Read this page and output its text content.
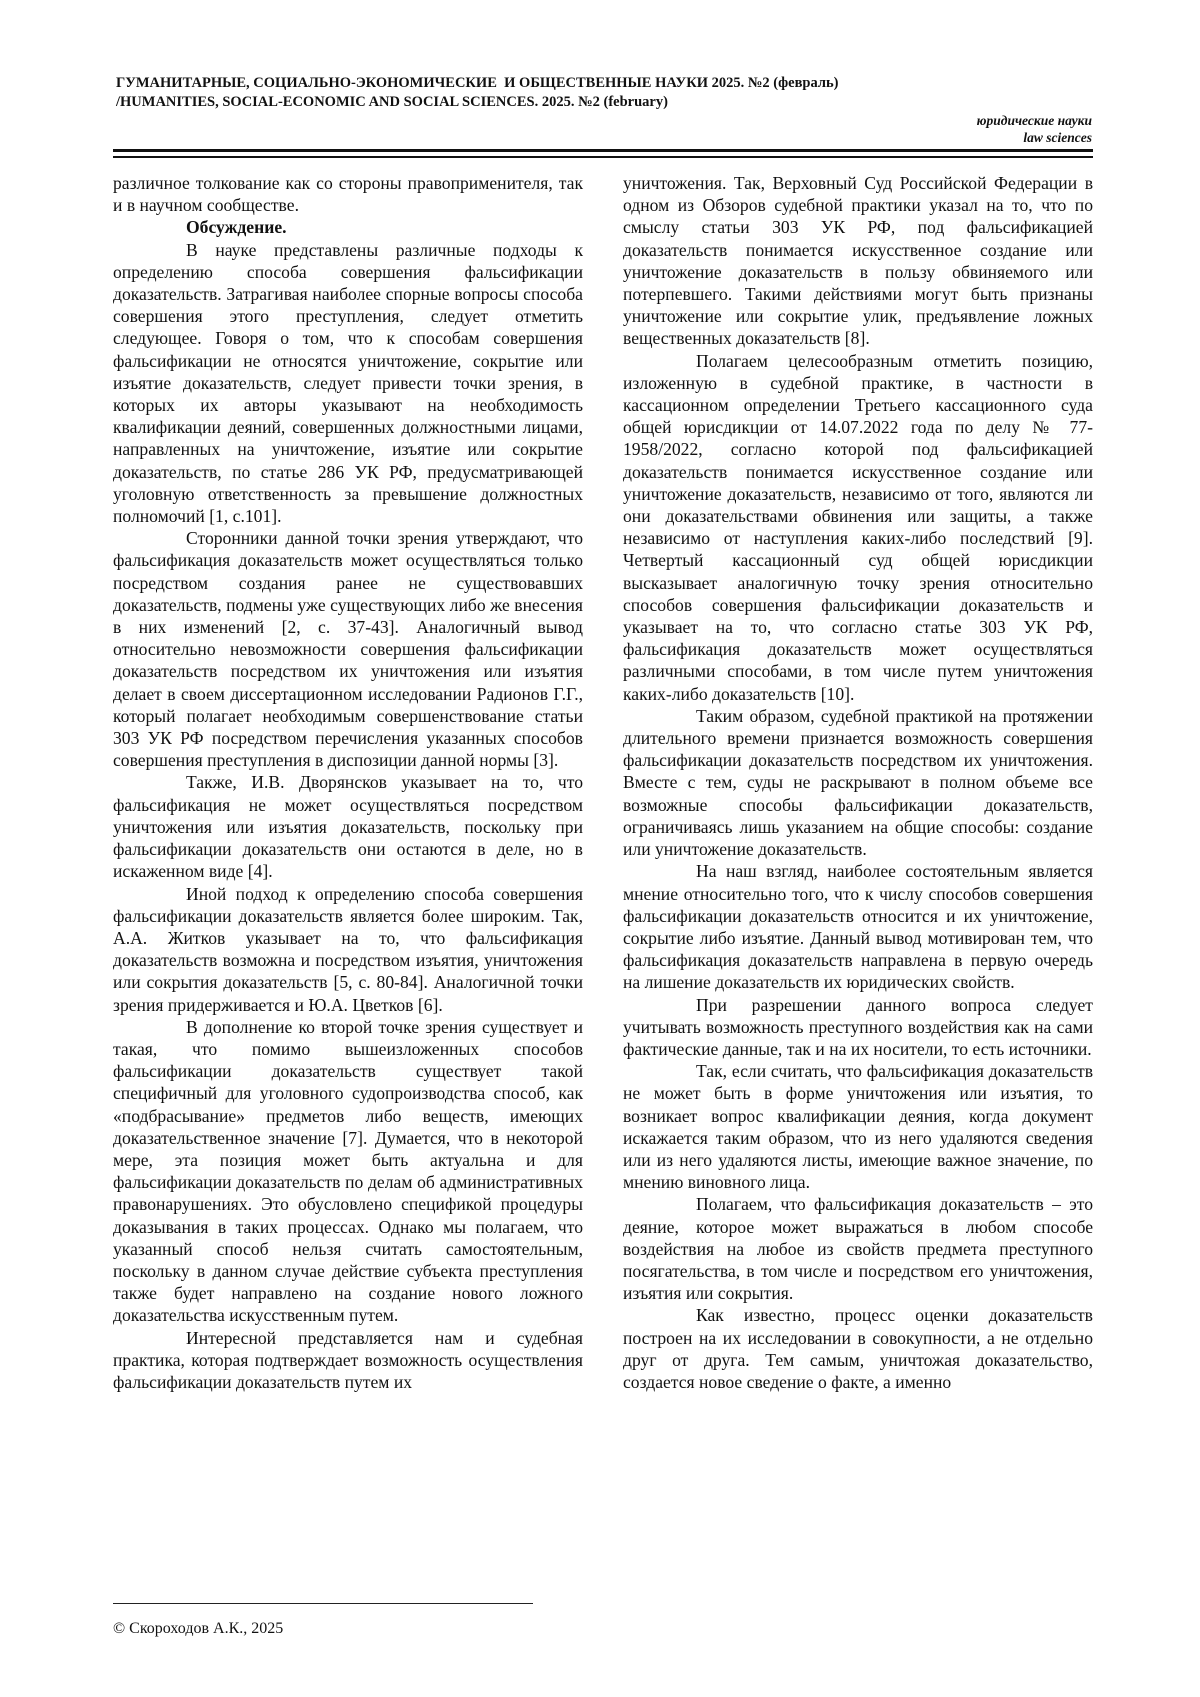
ГУМАНИТАРНЫЕ, СОЦИАЛЬНО-ЭКОНОМИЧЕСКИЕ  И ОБЩЕСТВЕННЫЕ НАУКИ 2025. №2 (февраль)
/HUMANITIES, SOCIAL-ECONOMIC AND SOCIAL SCIENCES. 2025. №2 (february)
юридические науки
law sciences

различное толкование как со стороны правоприменителя, так и в научном сообществе.

Обсуждение.

В науке представлены различные подходы к определению способа совершения фальсификации доказательств. Затрагивая наиболее спорные вопросы способа совершения этого преступления, следует отметить следующее. Говоря о том, что к способам совершения фальсификации не относятся уничтожение, сокрытие или изъятие доказательств, следует привести точки зрения, в которых их авторы указывают на необходимость квалификации деяний, совершенных должностными лицами, направленных на уничтожение, изъятие или сокрытие доказательств, по статье 286 УК РФ, предусматривающей уголовную ответственность за превышение должностных полномочий [1, с.101].

Сторонники данной точки зрения утверждают, что фальсификация доказательств может осуществляться только посредством создания ранее не существовавших доказательств, подмены уже существующих либо же внесения в них изменений [2, с. 37-43]. Аналогичный вывод относительно невозможности совершения фальсификации доказательств посредством их уничтожения или изъятия делает в своем диссертационном исследовании Радионов Г.Г., который полагает необходимым совершенствование статьи 303 УК РФ посредством перечисления указанных способов совершения преступления в диспозиции данной нормы [3].

Также, И.В. Дворянсков указывает на то, что фальсификация не может осуществляться посредством уничтожения или изъятия доказательств, поскольку при фальсификации доказательств они остаются в деле, но в искаженном виде [4].

Иной подход к определению способа совершения фальсификации доказательств является более широким. Так, А.А. Житков указывает на то, что фальсификация доказательств возможна и посредством изъятия, уничтожения или сокрытия доказательств [5, с. 80-84]. Аналогичной точки зрения придерживается и Ю.А. Цветков [6].

В дополнение ко второй точке зрения существует и такая, что помимо вышеизложенных способов фальсификации доказательств существует такой специфичный для уголовного судопроизводства способ, как «подбрасывание» предметов либо веществ, имеющих доказательственное значение [7]. Думается, что в некоторой мере, эта позиция может быть актуальна и для фальсификации доказательств по делам об административных правонарушениях. Это обусловлено спецификой процедуры доказывания в таких процессах. Однако мы полагаем, что указанный способ нельзя считать самостоятельным, поскольку в данном случае действие субъекта преступления также будет направлено на создание нового ложного доказательства искусственным путем.

Интересной представляется нам и судебная практика, которая подтверждает возможность осуществления фальсификации доказательств путем их

уничтожения. Так, Верховный Суд Российской Федерации в одном из Обзоров судебной практики указал на то, что по смыслу статьи 303 УК РФ, под фальсификацией доказательств понимается искусственное создание или уничтожение доказательств в пользу обвиняемого или потерпевшего. Такими действиями могут быть признаны уничтожение или сокрытие улик, предъявление ложных вещественных доказательств [8].

Полагаем целесообразным отметить позицию, изложенную в судебной практике, в частности в кассационном определении Третьего кассационного суда общей юрисдикции от 14.07.2022 года по делу № 77-1958/2022, согласно которой под фальсификацией доказательств понимается искусственное создание или уничтожение доказательств, независимо от того, являются ли они доказательствами обвинения или защиты, а также независимо от наступления каких-либо последствий [9]. Четвертый кассационный суд общей юрисдикции высказывает аналогичную точку зрения относительно способов совершения фальсификации доказательств и указывает на то, что согласно статье 303 УК РФ, фальсификация доказательств может осуществляться различными способами, в том числе путем уничтожения каких-либо доказательств [10].

Таким образом, судебной практикой на протяжении длительного времени признается возможность совершения фальсификации доказательств посредством их уничтожения. Вместе с тем, суды не раскрывают в полном объеме все возможные способы фальсификации доказательств, ограничиваясь лишь указанием на общие способы: создание или уничтожение доказательств.

На наш взгляд, наиболее состоятельным является мнение относительно того, что к числу способов совершения фальсификации доказательств относится и их уничтожение, сокрытие либо изъятие. Данный вывод мотивирован тем, что фальсификация доказательств направлена в первую очередь на лишение доказательств их юридических свойств.

При разрешении данного вопроса следует учитывать возможность преступного воздействия как на сами фактические данные, так и на их носители, то есть источники.

Так, если считать, что фальсификация доказательств не может быть в форме уничтожения или изъятия, то возникает вопрос квалификации деяния, когда документ искажается таким образом, что из него удаляются сведения или из него удаляются листы, имеющие важное значение, по мнению виновного лица.

Полагаем, что фальсификация доказательств – это деяние, которое может выражаться в любом способе воздействия на любое из свойств предмета преступного посягательства, в том числе и посредством его уничтожения, изъятия или сокрытия.

Как известно, процесс оценки доказательств построен на их исследовании в совокупности, а не отдельно друг от друга. Тем самым, уничтожая доказательство, создается новое сведение о факте, а именно

© Скороходов А.К., 2025
